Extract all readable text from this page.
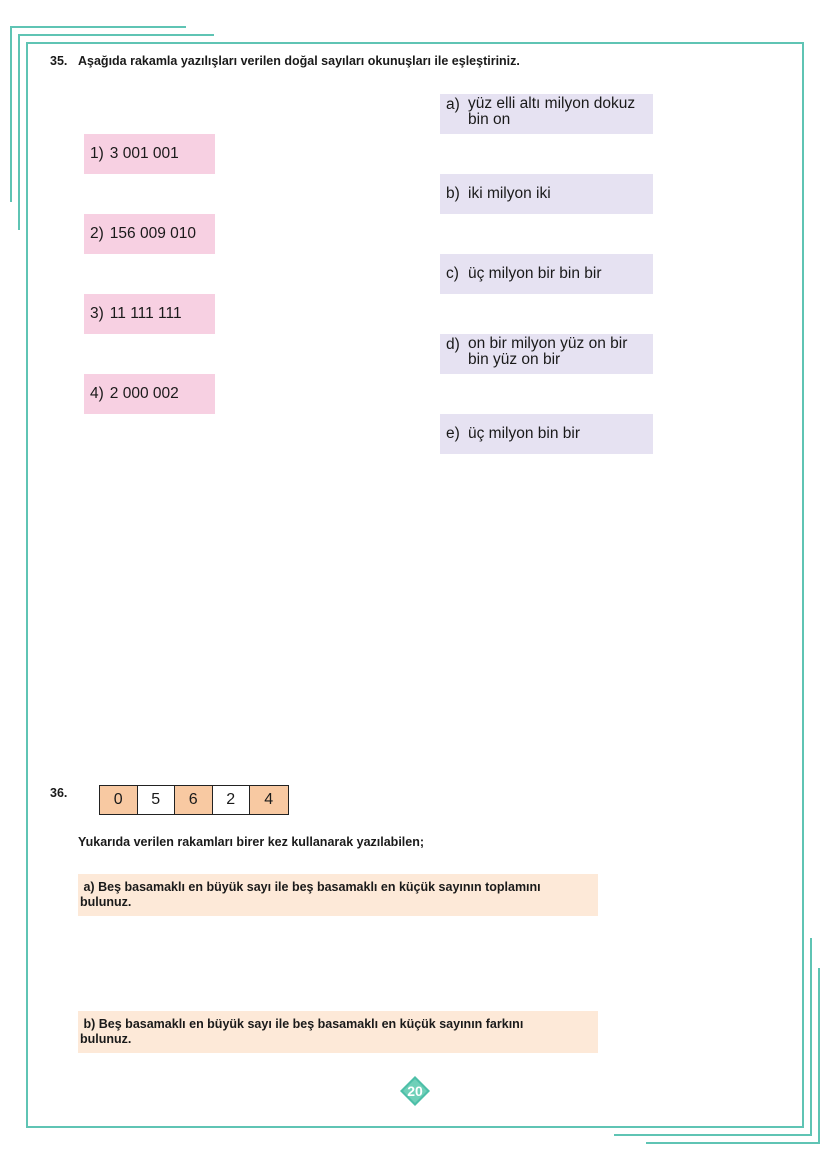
35. Aşağıda rakamla yazılışları verilen doğal sayıları okunuşları ile eşleştiriniz.
1) 3 001 001
2) 156 009 010
3) 11 111 111
4) 2 000 002
a) yüz elli altı milyon dokuz
bin on
b) iki milyon iki
c) üç milyon bir bin bir
d) on bir milyon yüz on bir
bin yüz on bir
e) üç milyon bin bir
36.	0	5	6	2	4
Yukarıda verilen rakamları birer kez kullanarak yazılabilen;
a) Beş basamaklı en büyük sayı ile beş basamaklı en küçük sayının toplamını
bulunuz.
b) Beş basamaklı en büyük sayı ile beş basamaklı en küçük sayının farkını
bulunuz.
20
